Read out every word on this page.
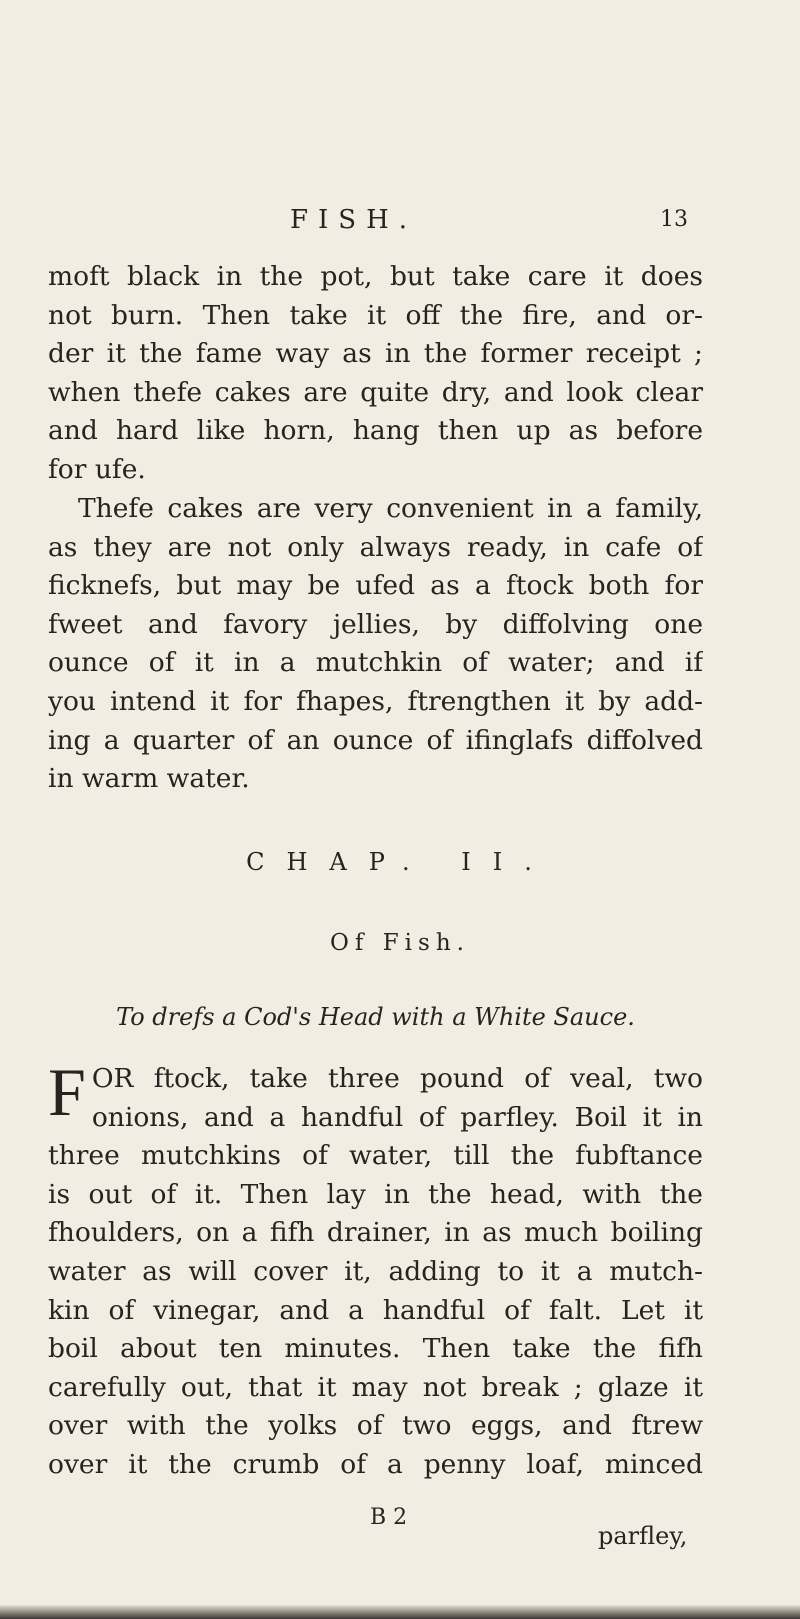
FISH.	13
moft black in the pot, but take care it does
not burn. Then take it off the fire, and or-
der it the fame way as in the former receipt ;
when thefe cakes are quite dry, and look clear
and hard like horn, hang then up as before
for ufe.
Thefe cakes are very convenient in a family,
as they are not only always ready, in cafe of
ficknefs, but may be ufed as a ftock both for
fweet and favory jellies, by diffolving one
ounce of it in a mutchkin of water; and if
you intend it for fhapes, ftrengthen it by add-
ing a quarter of an ounce of ifinglafs diffolved
in warm water.
CHAP. II.
Of Fish.
To drefs a Cod's Head with a White Sauce.
F OR ftock, take three pound of veal, two
onions, and a handful of parfley. Boil it in
three mutchkins of water, till the fubftance
is out of it. Then lay in the head, with the
fhoulders, on a fifh drainer, in as much boiling
water as will cover it, adding to it a mutch-
kin of vinegar, and a handful of falt. Let it
boil about ten minutes. Then take the fifh
carefully out, that it may not break ; glaze it
over with the yolks of two eggs, and ftrew
over it the crumb of a penny loaf, minced
B 2
parfley,
